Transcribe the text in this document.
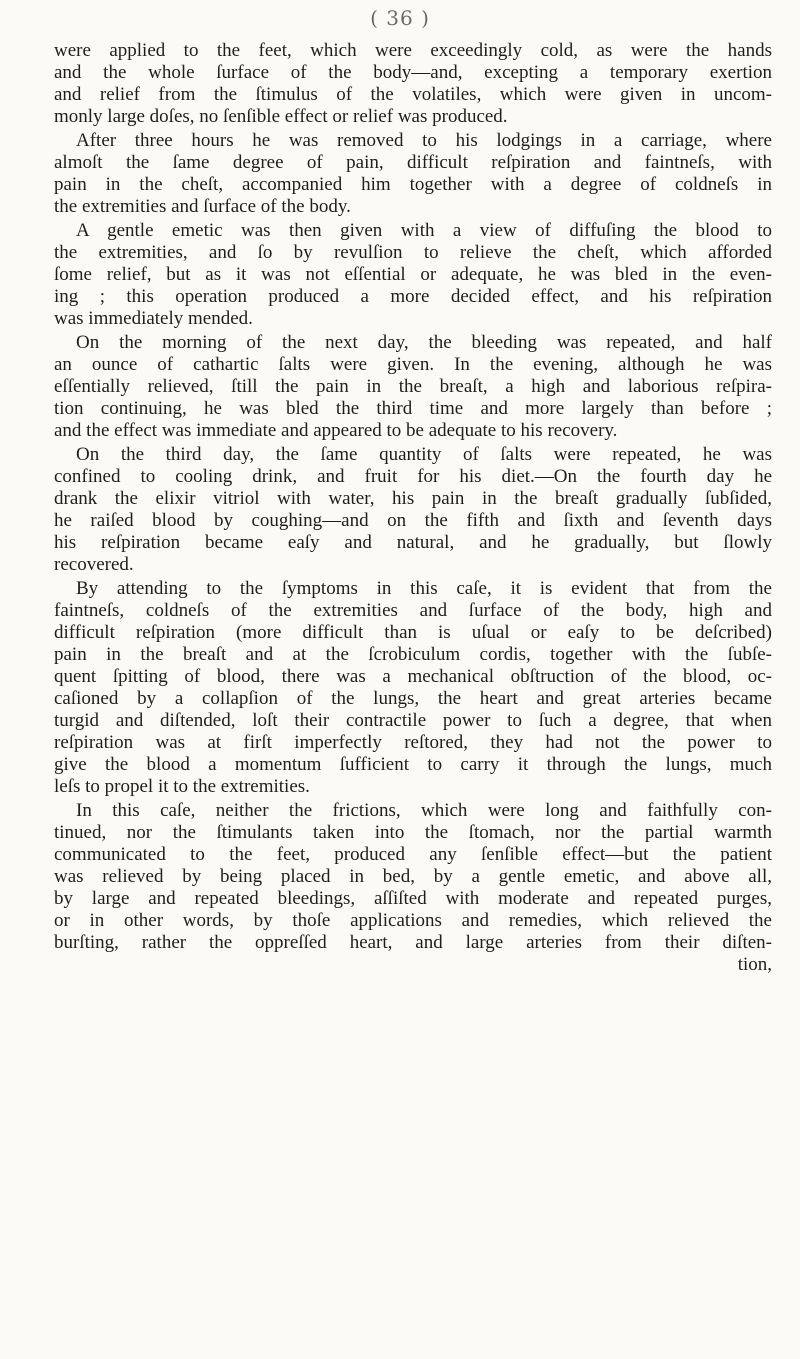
( 36 )
were applied to the feet, which were exceedingly cold, as were the hands
and the whole ſurface of the body—and, excepting a temporary exertion
and relief from the ſtimulus of the volatiles, which were given in uncom-
monly large doſes, no ſenſible effect or relief was produced.
After three hours he was removed to his lodgings in a carriage, where
almoſt the ſame degree of pain, difficult reſpiration and faintneſs, with
pain in the cheſt, accompanied him together with a degree of coldneſs in
the extremities and ſurface of the body.
A gentle emetic was then given with a view of diffuſing the blood to
the extremities, and ſo by revulſion to relieve the cheſt, which afforded
ſome relief, but as it was not eſſential or adequate, he was bled in the even-
ing ; this operation produced a more decided effect, and his reſpiration
was immediately mended.
On the morning of the next day, the bleeding was repeated, and half
an ounce of cathartic ſalts were given. In the evening, although he was
eſſentially relieved, ſtill the pain in the breaſt, a high and laborious reſpira-
tion continuing, he was bled the third time and more largely than before ;
and the effect was immediate and appeared to be adequate to his recovery.
On the third day, the ſame quantity of ſalts were repeated, he was
confined to cooling drink, and fruit for his diet.—On the fourth day he
drank the elixir vitriol with water, his pain in the breaſt gradually ſubſided,
he raiſed blood by coughing—and on the fifth and ſixth and ſeventh days
his reſpiration became eaſy and natural, and he gradually, but ſlowly
recovered.
By attending to the ſymptoms in this caſe, it is evident that from the
faintneſs, coldneſs of the extremities and ſurface of the body, high and
difficult reſpiration (more difficult than is uſual or eaſy to be deſcribed)
pain in the breaſt and at the ſcrobiculum cordis, together with the ſubſe-
quent ſpitting of blood, there was a mechanical obſtruction of the blood, oc-
caſioned by a collapſion of the lungs, the heart and great arteries became
turgid and diſtended, loſt their contractile power to ſuch a degree, that when
reſpiration was at firſt imperfectly reſtored, they had not the power to
give the blood a momentum ſufficient to carry it through the lungs, much
leſs to propel it to the extremities.
In this caſe, neither the frictions, which were long and faithfully con-
tinued, nor the ſtimulants taken into the ſtomach, nor the partial warmth
communicated to the feet, produced any ſenſible effect—but the patient
was relieved by being placed in bed, by a gentle emetic, and above all,
by large and repeated bleedings, aſſiſted with moderate and repeated purges,
or in other words, by thoſe applications and remedies, which relieved the
burſting, rather the oppreſſed heart, and large arteries from their diſten-
tion,
